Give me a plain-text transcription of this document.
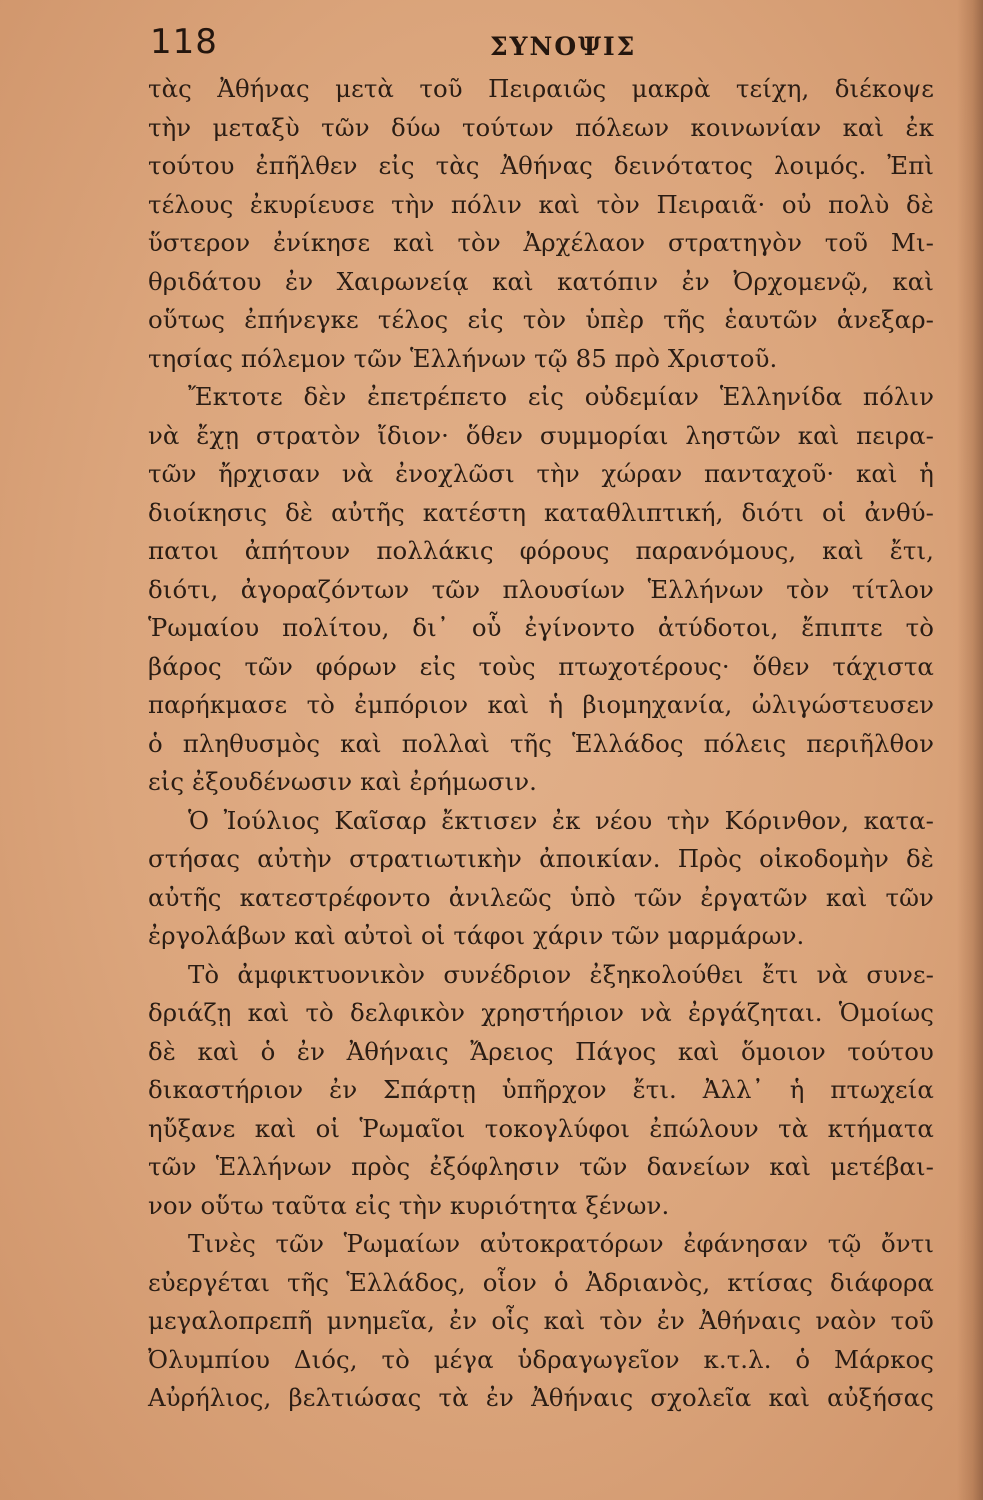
118	ΣΥΝΟΨΙΣ
τὰς Ἀθήνας μετὰ τοῦ Πειραιῶς μακρὰ τείχη, διέκοψε
τὴν μεταξὺ τῶν δύω τούτων πόλεων κοινωνίαν καὶ ἐκ
τούτου ἐπῆλθεν εἰς τὰς Ἀθήνας δεινότατος λοιμός. Ἐπὶ
τέλους ἐκυρίευσε τὴν πόλιν καὶ τὸν Πειραιᾶ· οὐ πολὺ δὲ
ὕστερον ἐνίκησε καὶ τὸν Ἀρχέλαον στρατηγὸν τοῦ Μι-
θριδάτου ἐν Χαιρωνείᾳ καὶ κατόπιν ἐν Ὀρχομενῷ, καὶ
οὕτως ἐπήνεγκε τέλος εἰς τὸν ὑπὲρ τῆς ἑαυτῶν ἀνεξαρ-
τησίας πόλεμον τῶν Ἑλλήνων τῷ 85 πρὸ Χριστοῦ.
Ἔκτοτε δὲν ἐπετρέπετο εἰς οὐδεμίαν Ἑλληνίδα πόλιν
νὰ ἔχῃ στρατὸν ἴδιον· ὅθεν συμμορίαι ληστῶν καὶ πειρα-
τῶν ἤρχισαν νὰ ἐνοχλῶσι τὴν χώραν πανταχοῦ· καὶ ἡ
διοίκησις δὲ αὐτῆς κατέστη καταθλιπτική, διότι οἱ ἀνθύ-
πατοι ἀπήτουν πολλάκις φόρους παρανόμους, καὶ ἔτι,
διότι, ἀγοραζόντων τῶν πλουσίων Ἑλλήνων τὸν τίτλον
Ῥωμαίου πολίτου, δι᾽ οὗ ἐγίνοντο ἀτύδοτοι, ἔπιπτε τὸ
βάρος τῶν φόρων εἰς τοὺς πτωχοτέρους· ὅθεν τάχιστα
παρήκμασε τὸ ἐμπόριον καὶ ἡ βιομηχανία, ὠλιγώστευσεν
ὁ πληθυσμὸς καὶ πολλαὶ τῆς Ἑλλάδος πόλεις περιῆλθον
εἰς ἐξουδένωσιν καὶ ἐρήμωσιν.
Ὁ Ἰούλιος Καῖσαρ ἔκτισεν ἐκ νέου τὴν Κόρινθον, κατα-
στήσας αὐτὴν στρατιωτικὴν ἀποικίαν. Πρὸς οἰκοδομὴν δὲ
αὐτῆς κατεστρέφοντο ἀνιλεῶς ὑπὸ τῶν ἐργατῶν καὶ τῶν
ἐργολάβων καὶ αὐτοὶ οἱ τάφοι χάριν τῶν μαρμάρων.
Τὸ ἀμφικτυονικὸν συνέδριον ἐξηκολούθει ἔτι νὰ συνε-
δριάζῃ καὶ τὸ δελφικὸν χρηστήριον νὰ ἐργάζηται. Ὁμοίως
δὲ καὶ ὁ ἐν Ἀθήναις Ἄρειος Πάγος καὶ ὅμοιον τούτου
δικαστήριον ἐν Σπάρτῃ ὑπῆρχον ἔτι. Ἀλλ᾽ ἡ πτωχεία
ηὔξανε καὶ οἱ Ῥωμαῖοι τοκογλύφοι ἐπώλουν τὰ κτήματα
τῶν Ἑλλήνων πρὸς ἐξόφλησιν τῶν δανείων καὶ μετέβαι-
νον οὕτω ταῦτα εἰς τὴν κυριότητα ξένων.
Τινὲς τῶν Ῥωμαίων αὐτοκρατόρων ἐφάνησαν τῷ ὄντι
εὐεργέται τῆς Ἑλλάδος, οἷον ὁ Ἀδριανὸς, κτίσας διάφορα
μεγαλοπρεπῆ μνημεῖα, ἐν οἷς καὶ τὸν ἐν Ἀθήναις ναὸν τοῦ
Ὀλυμπίου Διός, τὸ μέγα ὑδραγωγεῖον κ.τ.λ. ὁ Μάρκος
Αὐρήλιος, βελτιώσας τὰ ἐν Ἀθήναις σχολεῖα καὶ αὐξήσας
